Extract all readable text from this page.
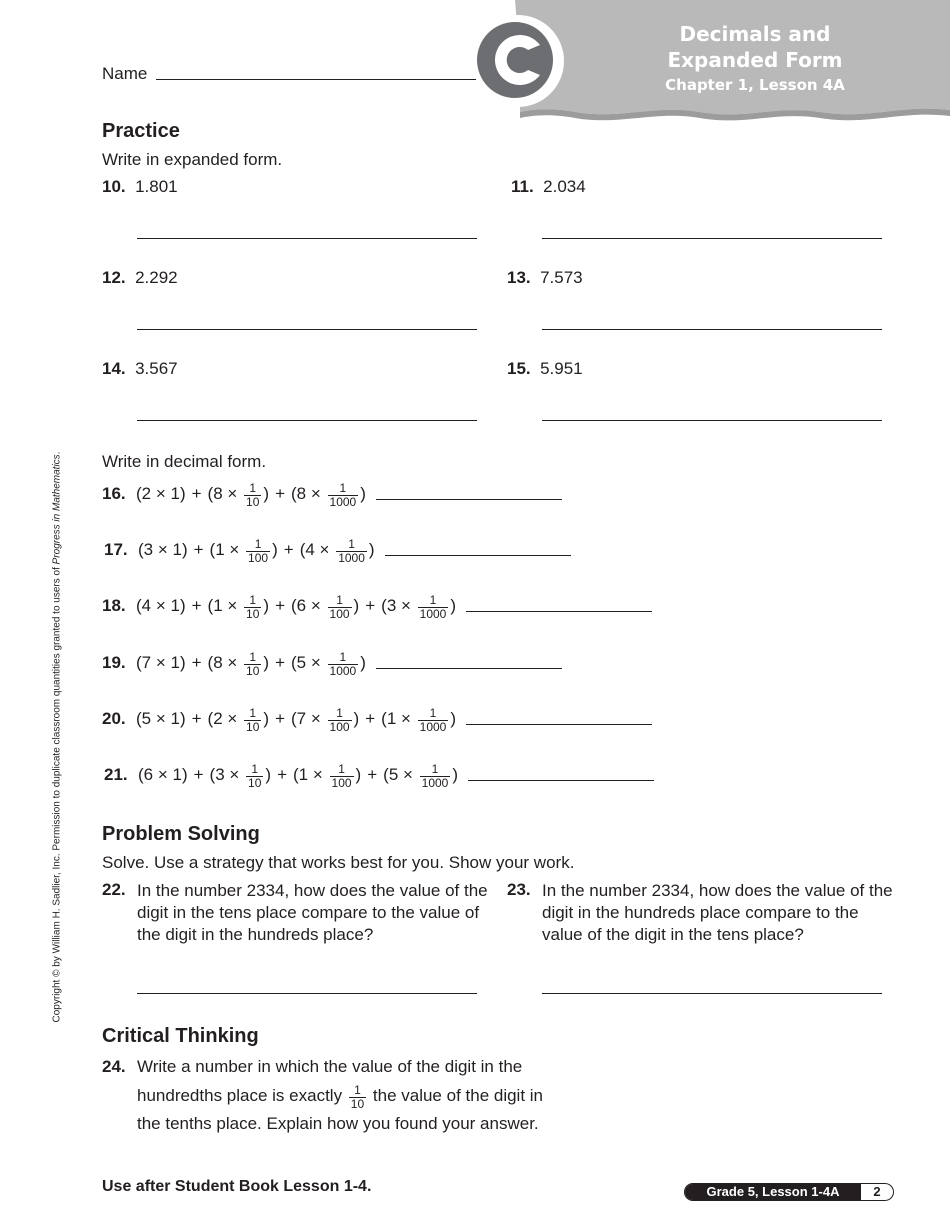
Decimals and
Expanded Form
Chapter 1, Lesson 4A
Name
Practice
Write in expanded form.
10. 1.801	11. 2.034
12. 2.292	13. 7.573
14. 3.567	15. 5.951
Write in decimal form.
16. $(2 \times 1) + (8 \times \frac{1}{10}$ ) + ($8 \times \frac{1}{1000}$ )
17. $(3 \times 1) + (1 \times \frac{1}{100}$ ) + ($4 \times \frac{1}{1000}$ )
18. $(4 \times 1) + (1 \times \frac{1}{10}$ ) + ($6 \times \frac{1}{100}$ ) + ($3 \times \frac{1}{1000}$ )
19. $(7 \times 1) + (8 \times \frac{1}{10}$ ) + ($5 \times \frac{1}{1000}$ )
20. $(5 \times 1) + (2 \times \frac{1}{10}$ ) + ($7 \times \frac{1}{100}$ ) + ($1 \times \frac{1}{1000}$ )
21. $(6 \times 1) + (3 \times \frac{1}{10}$ ) + ($1 \times \frac{1}{100}$ ) + ($5 \times \frac{1}{1000}$ )
Problem Solving
Solve. Use a strategy that works best for you. Show your work.
22. In the number 2334, how does the value of the digit in the tens place compare to the value of the digit in the hundreds place?
23. In the number 2334, how does the value of the digit in the hundreds place compare to the value of the digit in the tens place?
Critical Thinking
24. Write a number in which the value of the digit in the
hundredths place is exactly $\frac{1}{10}$ the value of the digit in
the tenths place. Explain how you found your answer.
Copyright © by William H. Sadlier, Inc. Permission to duplicate classroom quantities granted to users of Progress in Mathematics.
Use after Student Book Lesson 1-4.	Grade 5, Lesson 1-4A	2
